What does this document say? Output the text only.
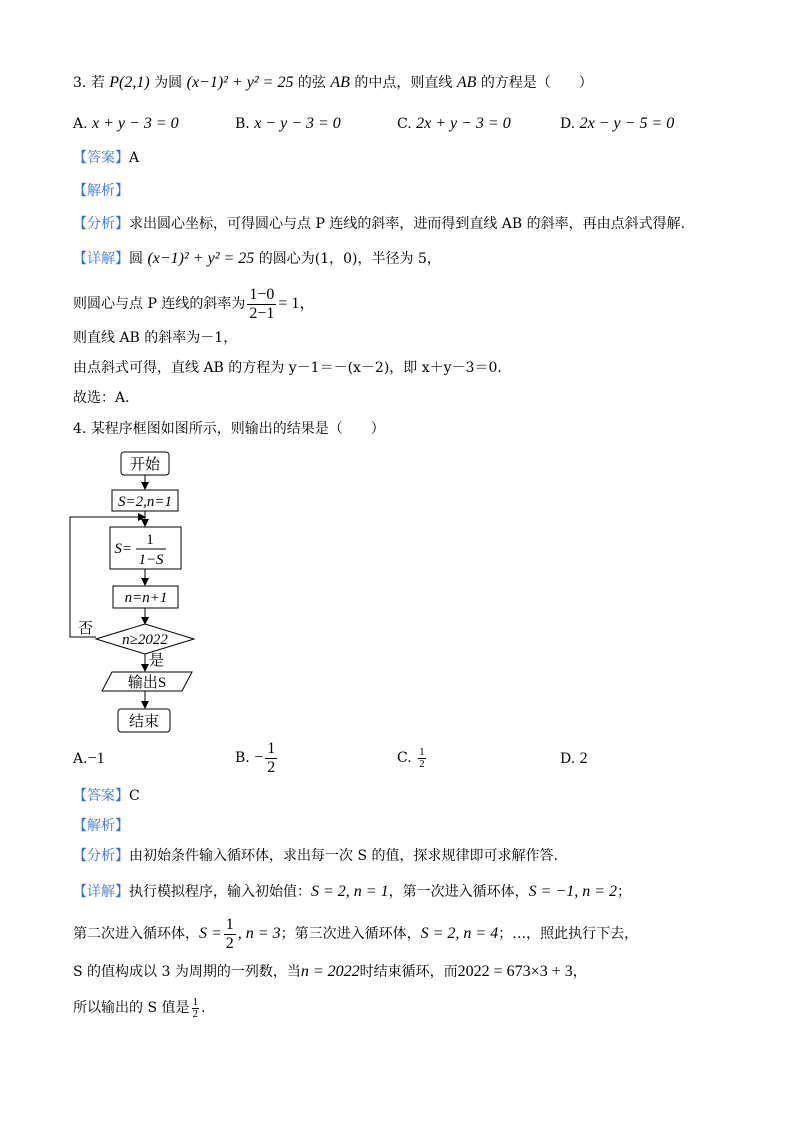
3. 若 P(2,1) 为圆 (x−1)² + y² = 25 的弦 AB 的中点，则直线 AB 的方程是（　　）
A. x + y − 3 = 0	B. x − y − 3 = 0	C. 2x + y − 3 = 0	D. 2x − y − 5 = 0
【答案】A
【解析】
【分析】求出圆心坐标，可得圆心与点 P 连线的斜率，进而得到直线 AB 的斜率，再由点斜式得解.
【详解】圆 (x−1)² + y² = 25 的圆心为(1，0)，半径为 5，
则圆心与点 P 连线的斜率为 $\frac{1-0}{2-1} = 1$，
则直线 AB 的斜率为－1，
由点斜式可得，直线 AB 的方程为 y－1＝－(x－2)，即 x＋y－3＝0.
故选：A.
4. 某程序框图如图所示，则输出的结果是（　　）
开始
S=2,n=1
S=
1
1−S
n=n+1
n≥2022
否
是
输出S
结束
A.−1	B. − $\frac{1}{2}$	C. $\frac{1}{2}$	D. 2
【答案】C
【解析】
【分析】由初始条件输入循环体，求出每一次 S 的值，探求规律即可求解作答.
【详解】执行模拟程序，输入初始值：S = 2, n = 1，第一次进入循环体，S = −1, n = 2；
第二次进入循环体，$S = \frac{1}{2}$ , n = 3；第三次进入循环体，S = 2, n = 4；…，照此执行下去，
S 的值构成以 3 为周期的一列数，当n = 2022时结束循环，而2022 = 673×3 + 3，
所以输出的 S 值是 $\frac{1}{2}$ .
